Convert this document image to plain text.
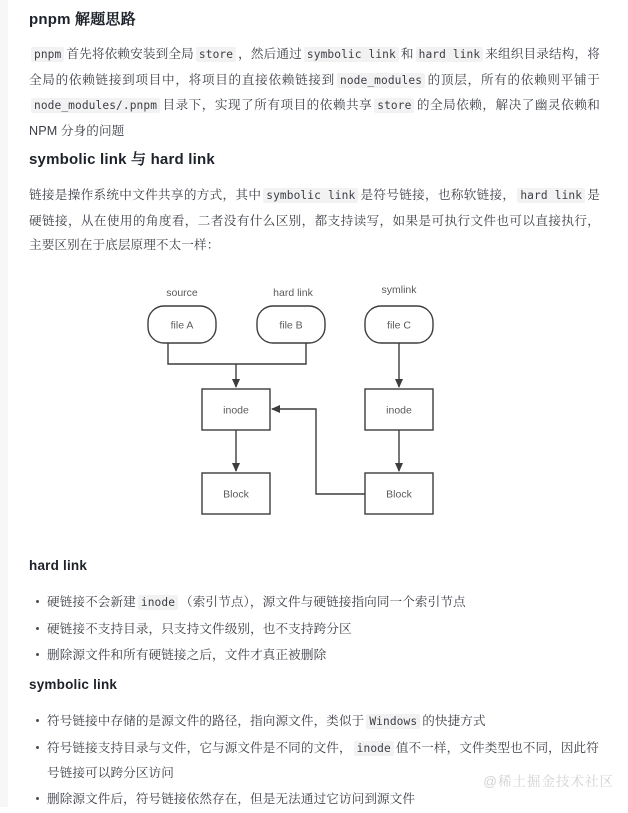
pnpm 解题思路

pnpm 首先将依赖安装到全局 store ，然后通过 symbolic link 和 hard link 来组织目录结构，将全局的依赖链接到项目中，将项目的直接依赖链接到 node_modules 的顶层，所有的依赖则平铺于node_modules/.pnpm 目录下，实现了所有项目的依赖共享 store 的全局依赖，解决了幽灵依赖和 NPM 分身的问题

symbolic link 与 hard link

链接是操作系统中文件共享的方式，其中 symbolic link 是符号链接，也称软链接， hard link 是硬链接，从在使用的角度看，二者没有什么区别，都支持读写，如果是可执行文件也可以直接执行，主要区别在于底层原理不太一样：

source	hard link	symlink
file A	file B	file C
inode
Block
inode
Block
hard link
硬链接不会新建 inode （索引节点），源文件与硬链接指向同一个索引节点
硬链接不支持目录，只支持文件级别，也不支持跨分区
删除源文件和所有硬链接之后，文件才真正被删除
symbolic link
符号链接中存储的是源文件的路径，指向源文件，类似于 Windows 的快捷方式
符号链接支持目录与文件，它与源文件是不同的文件， inode 值不一样，文件类型也不同，因此符号链接可以跨分区访问
删除源文件后，符号链接依然存在，但是无法通过它访问到源文件
@稀土掘金技术社区
